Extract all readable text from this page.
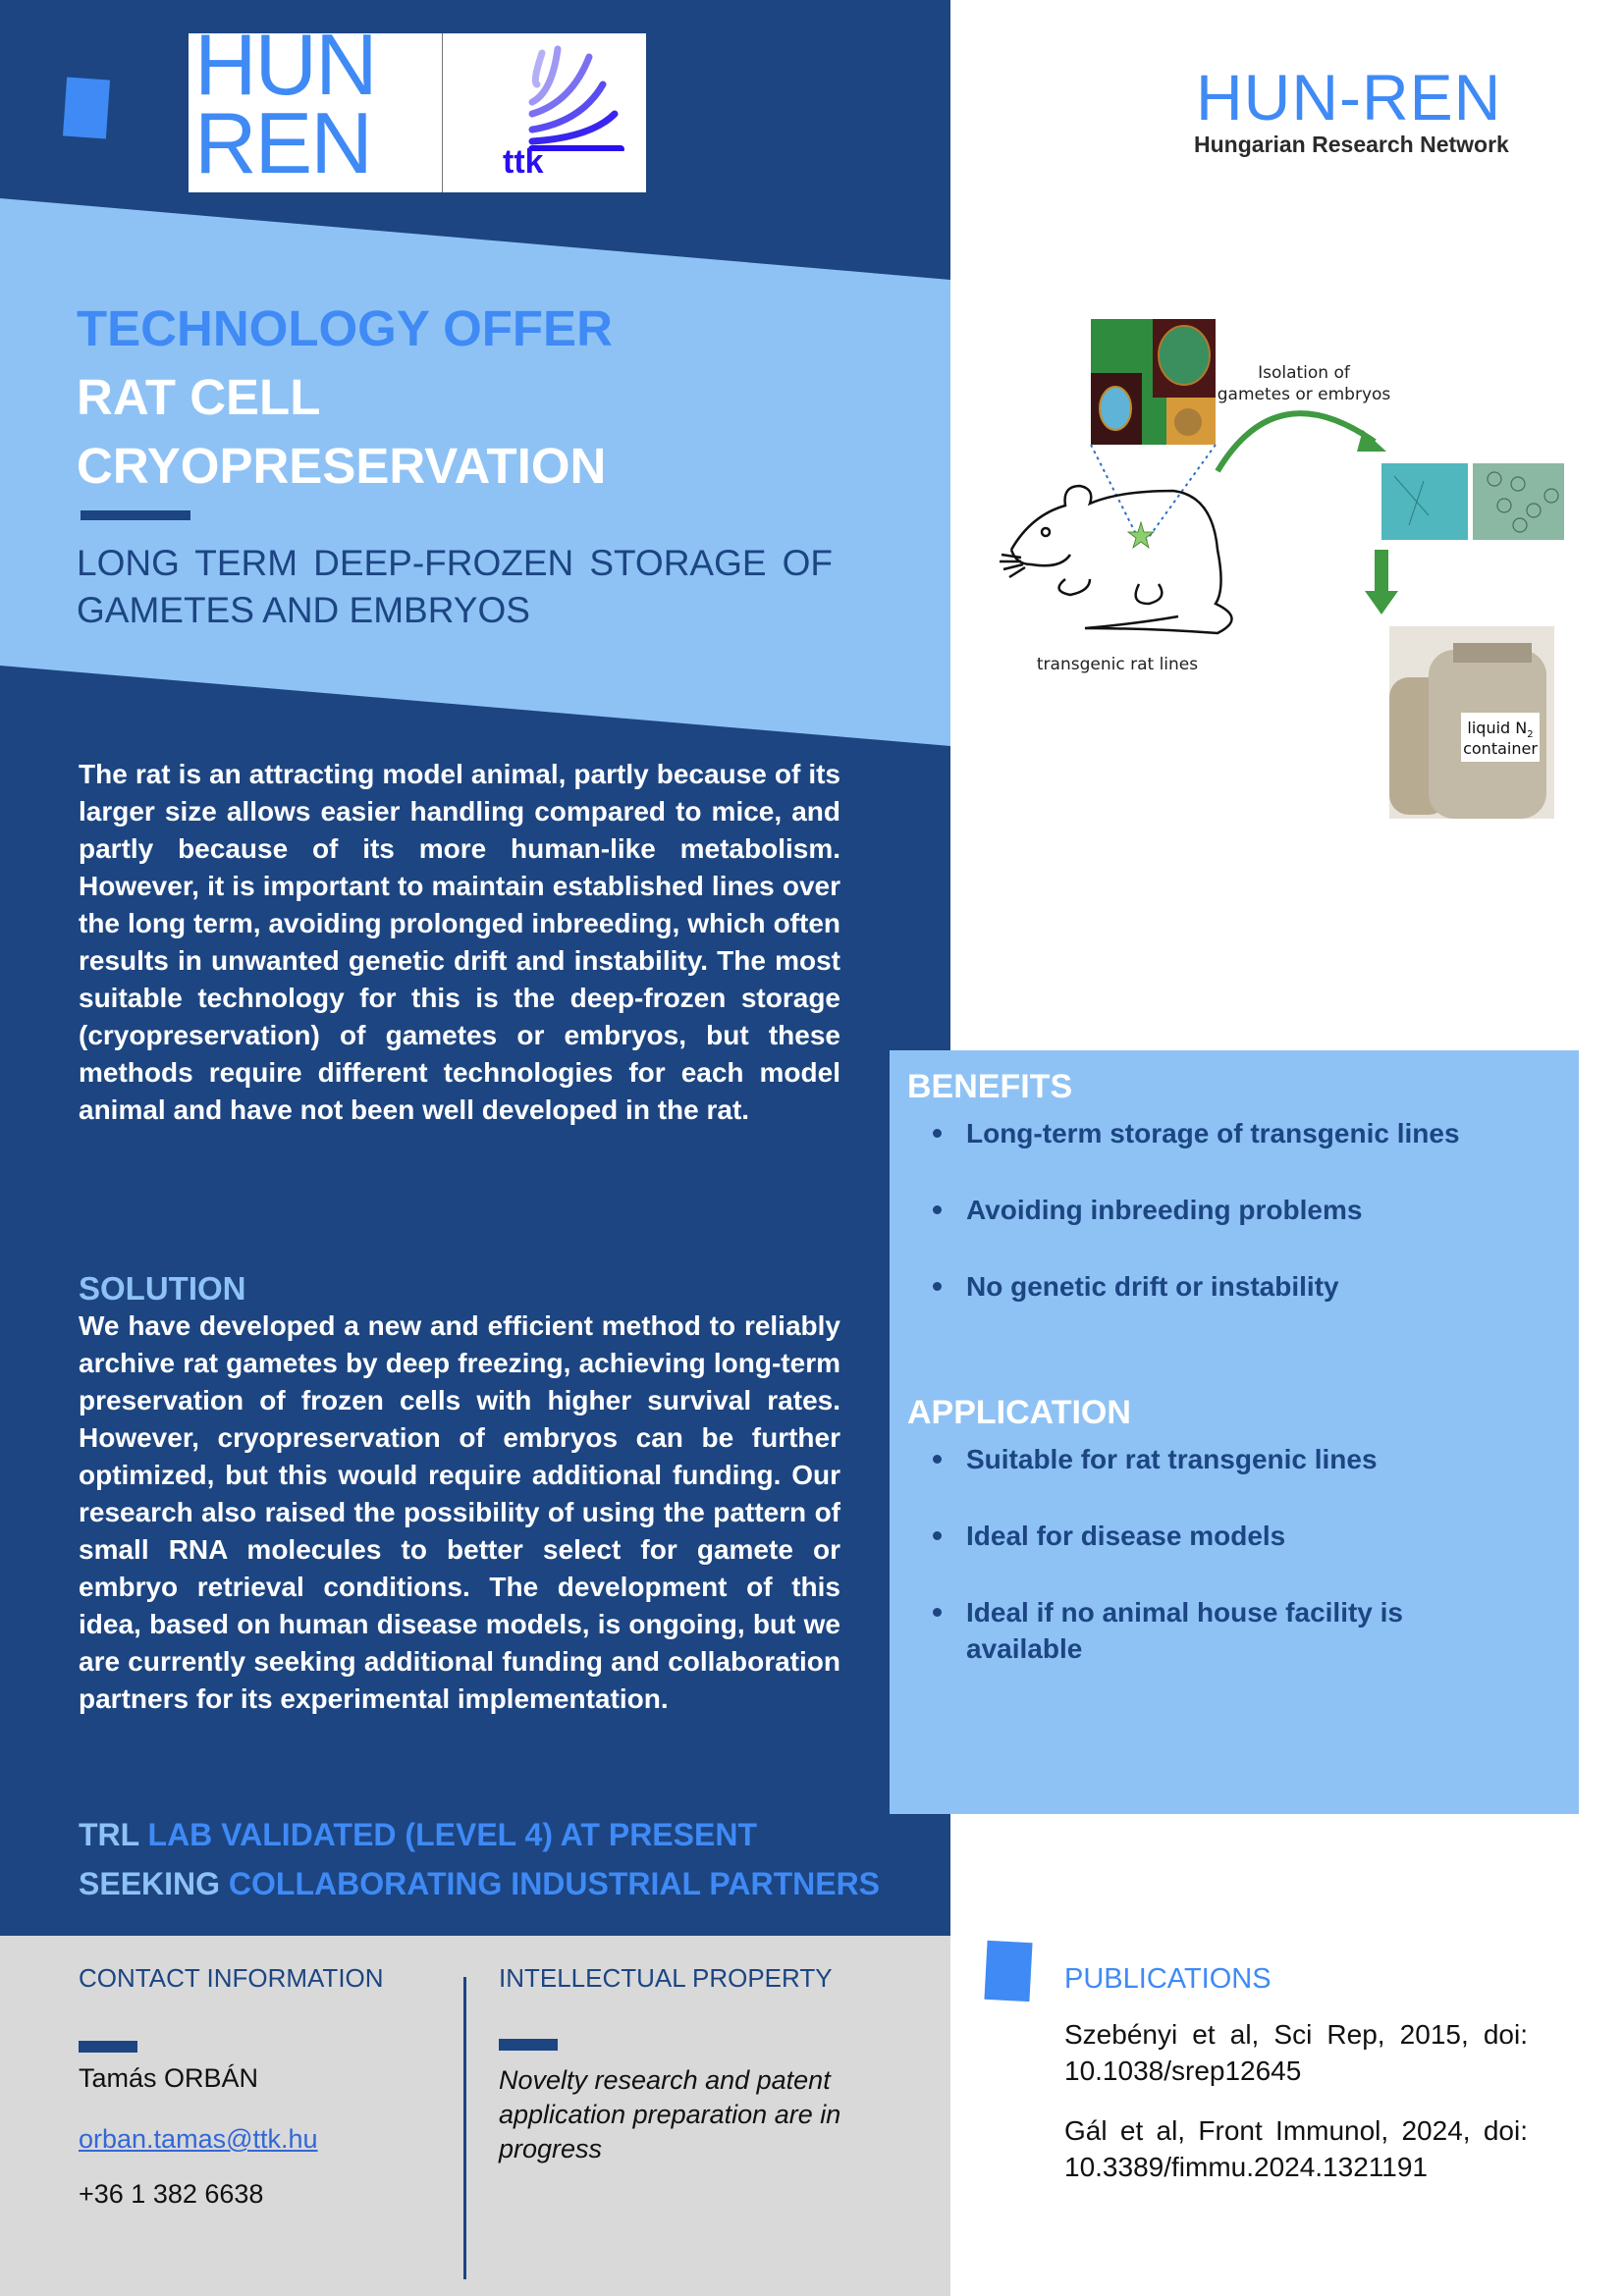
HUN
REN	ttk
HUN-REN
Hungarian Research Network
TECHNOLOGY OFFER
RAT CELL
CRYOPRESERVATION
LONG TERM DEEP-FROZEN STORAGE OF GAMETES AND EMBRYOS

The rat is an attracting model animal, partly because of its larger size allows easier handling compared to mice, and partly because of its more human-like metabolism. However, it is important to maintain established lines over the long term, avoiding prolonged inbreeding, which often results in unwanted genetic drift and instability. The most suitable technology for this is the deep-frozen storage (cryopreservation) of gametes or embryos, but these methods require different technologies for each model animal and have not been well developed in the rat.

SOLUTION

We have developed a new and efficient method to reliably archive rat gametes by deep freezing, achieving long-term preservation of frozen cells with higher survival rates. However, cryopreservation of embryos can be further optimized, but this would require additional funding. Our research also raised the possibility of using the pattern of small RNA molecules to better select for gamete or embryo retrieval conditions. The development of this idea, based on human disease models, is ongoing, but we are currently seeking additional funding and collaboration partners for its experimental implementation.

TRL LAB VALIDATED (LEVEL 4) AT PRESENT
SEEKING COLLABORATING INDUSTRIAL PARTNERS
Isolation of
gametes or embryos
transgenic rat lines
liquid $N_2$
container
BENEFITS
Long-term storage of transgenic lines
Avoiding inbreeding problems
No genetic drift or instability
APPLICATION
Suitable for rat transgenic lines
Ideal for disease models
Ideal if no animal house facility is available
CONTACT INFORMATION
Tamás ORBÁN
orban.tamas@ttk.hu
+36 1 382 6638
INTELLECTUAL PROPERTY
Novelty research and patent application preparation are in progress
PUBLICATIONS

Szebényi et al, Sci Rep, 2015, doi: 10.1038/srep12645

Gál et al, Front Immunol, 2024, doi: 10.3389/fimmu.2024.1321191
